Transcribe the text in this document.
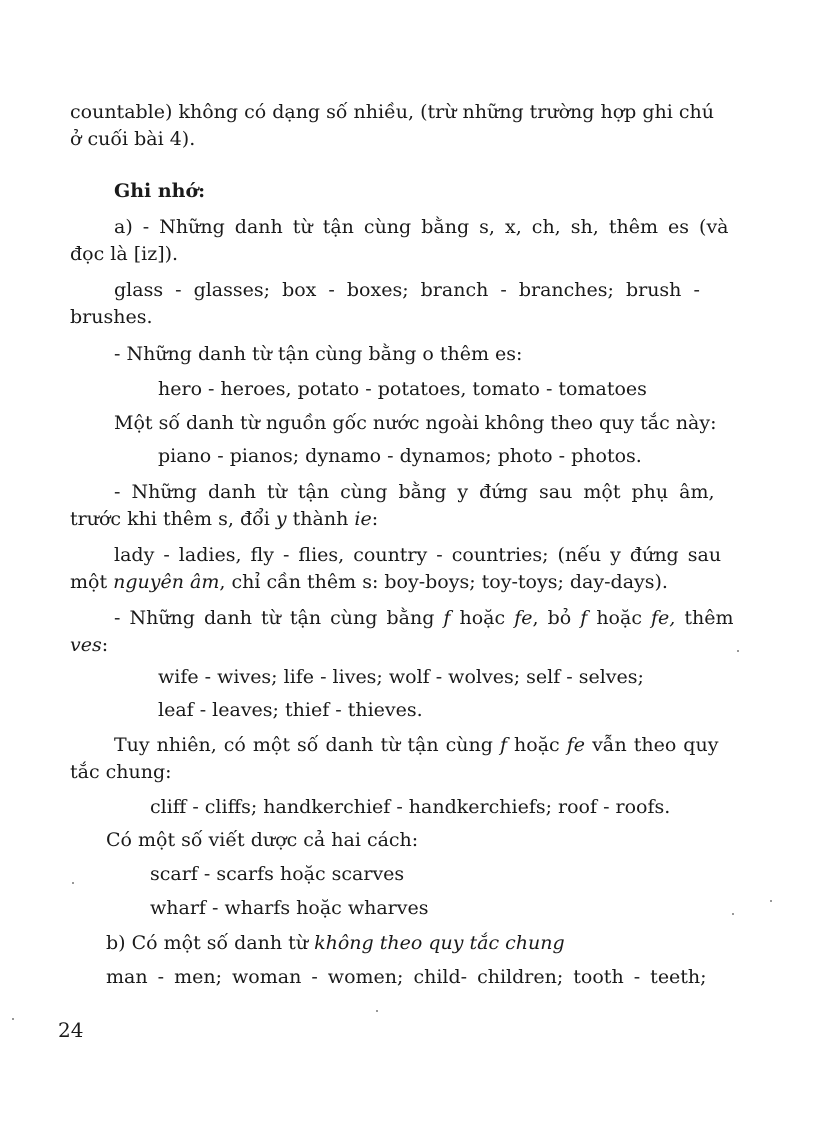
countable) không có dạng số nhiều, (trừ những trường hợp ghi chú
ở cuối bài 4).
Ghi nhớ:
a) - Những danh từ tận cùng bằng s, x, ch, sh, thêm es (và
đọc là [iz]).
glass - glasses; box - boxes; branch - branches; brush -
brushes.
- Những danh từ tận cùng bằng o thêm es:
hero - heroes, potato - potatoes, tomato - tomatoes
Một số danh từ nguồn gốc nước ngoài không theo quy tắc này:
piano - pianos; dynamo - dynamos; photo - photos.
- Những danh từ tận cùng bằng y đứng sau một phụ âm,
trước khi thêm s, đổi y thành ie:
lady - ladies, fly - flies, country - countries; (nếu y đứng sau
một nguyên âm, chỉ cần thêm s: boy-boys; toy-toys; day-days).
- Những danh từ tận cùng bằng f hoặc fe, bỏ f hoặc fe, thêm
ves:
wife - wives; life - lives; wolf - wolves; self - selves;
leaf - leaves; thief - thieves.
Tuy nhiên, có một số danh từ tận cùng f hoặc fe vẫn theo quy
tắc chung:
cliff - cliffs; handkerchief - handkerchiefs; roof - roofs.
Có một số viết dược cả hai cách:
scarf - scarfs hoặc scarves
wharf - wharfs hoặc wharves
b) Có một số danh từ không theo quy tắc chung
man - men; woman - women; child- children; tooth - teeth;
24
